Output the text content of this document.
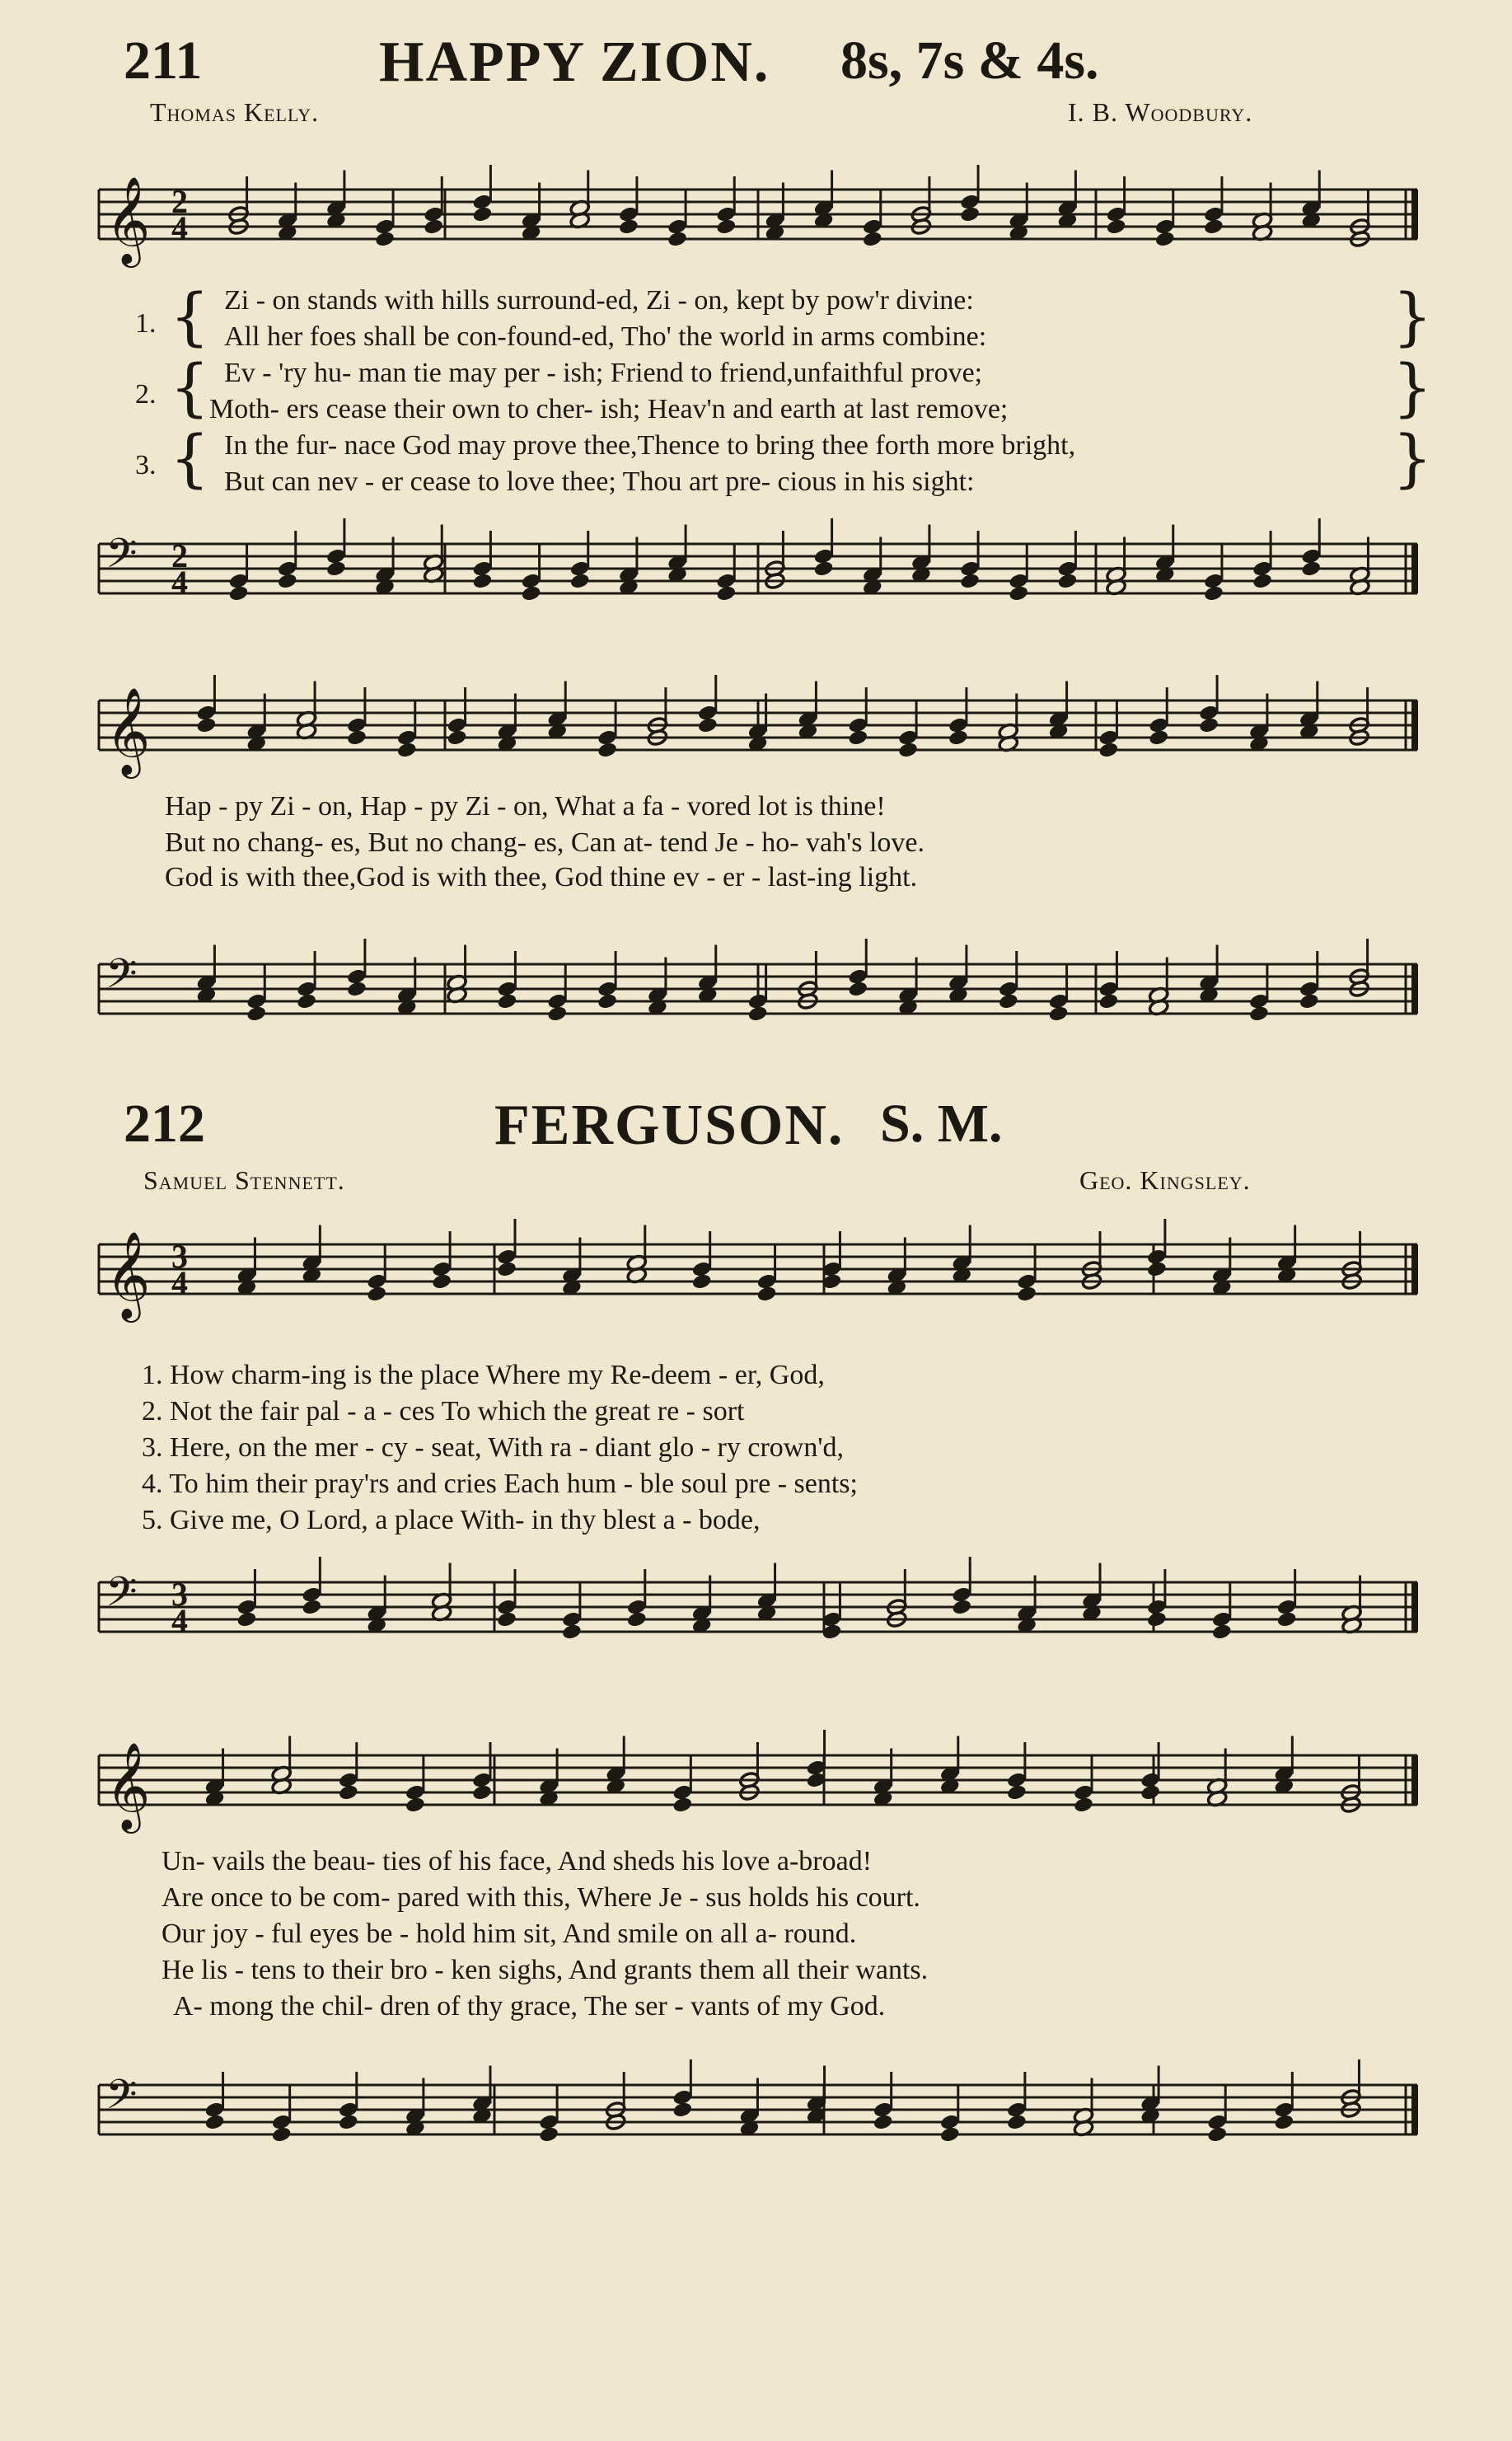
211	HAPPY ZION. 8s, 7s & 4s.
Thomas Kelly.	I. B. Woodbury.
𝄞 2
4
1. { Zi - on stands with hills surround-ed, Zi - on, kept by pow'r divine:
All her foes shall be con-found-ed, Tho' the world in arms combine:	}
2. { Ev - 'ry hu- man tie may per - ish; Friend to friend,unfaithful prove;
Moth- ers cease their own to cher- ish; Heav'n and earth at last remove;	}
3. { In the fur- nace God may prove thee,Thence to bring thee forth more bright,
But can nev - er cease to love thee; Thou art pre- cious in his sight:	}
𝄢 2
4
𝄞
Hap - py Zi - on, Hap - py Zi - on, What a fa - vored lot is thine!
But no chang- es, But no chang- es, Can at- tend Je - ho- vah's love.
God is with thee,God is with thee, God thine ev - er - last-ing light.
𝄢
212	FERGUSON. S. M.
Samuel Stennett.	Geo. Kingsley.
𝄞 3
4
1. How charm-ing is the place Where my Re-deem - er, God,
2. Not the fair pal - a - ces To which the great re - sort
3. Here, on the mer - cy - seat, With ra - diant glo - ry crown'd,
4. To him their pray'rs and cries Each hum - ble soul pre - sents;
5. Give me, O Lord, a place With- in thy blest a - bode,
𝄢 3
4
𝄞
Un- vails the beau- ties of his face, And sheds his love a-broad!
Are once to be com- pared with this, Where Je - sus holds his court.
Our joy - ful eyes be - hold him sit, And smile on all a- round.
He lis - tens to their bro - ken sighs, And grants them all their wants.
A- mong the chil- dren of thy grace, The ser - vants of my God.
𝄢
